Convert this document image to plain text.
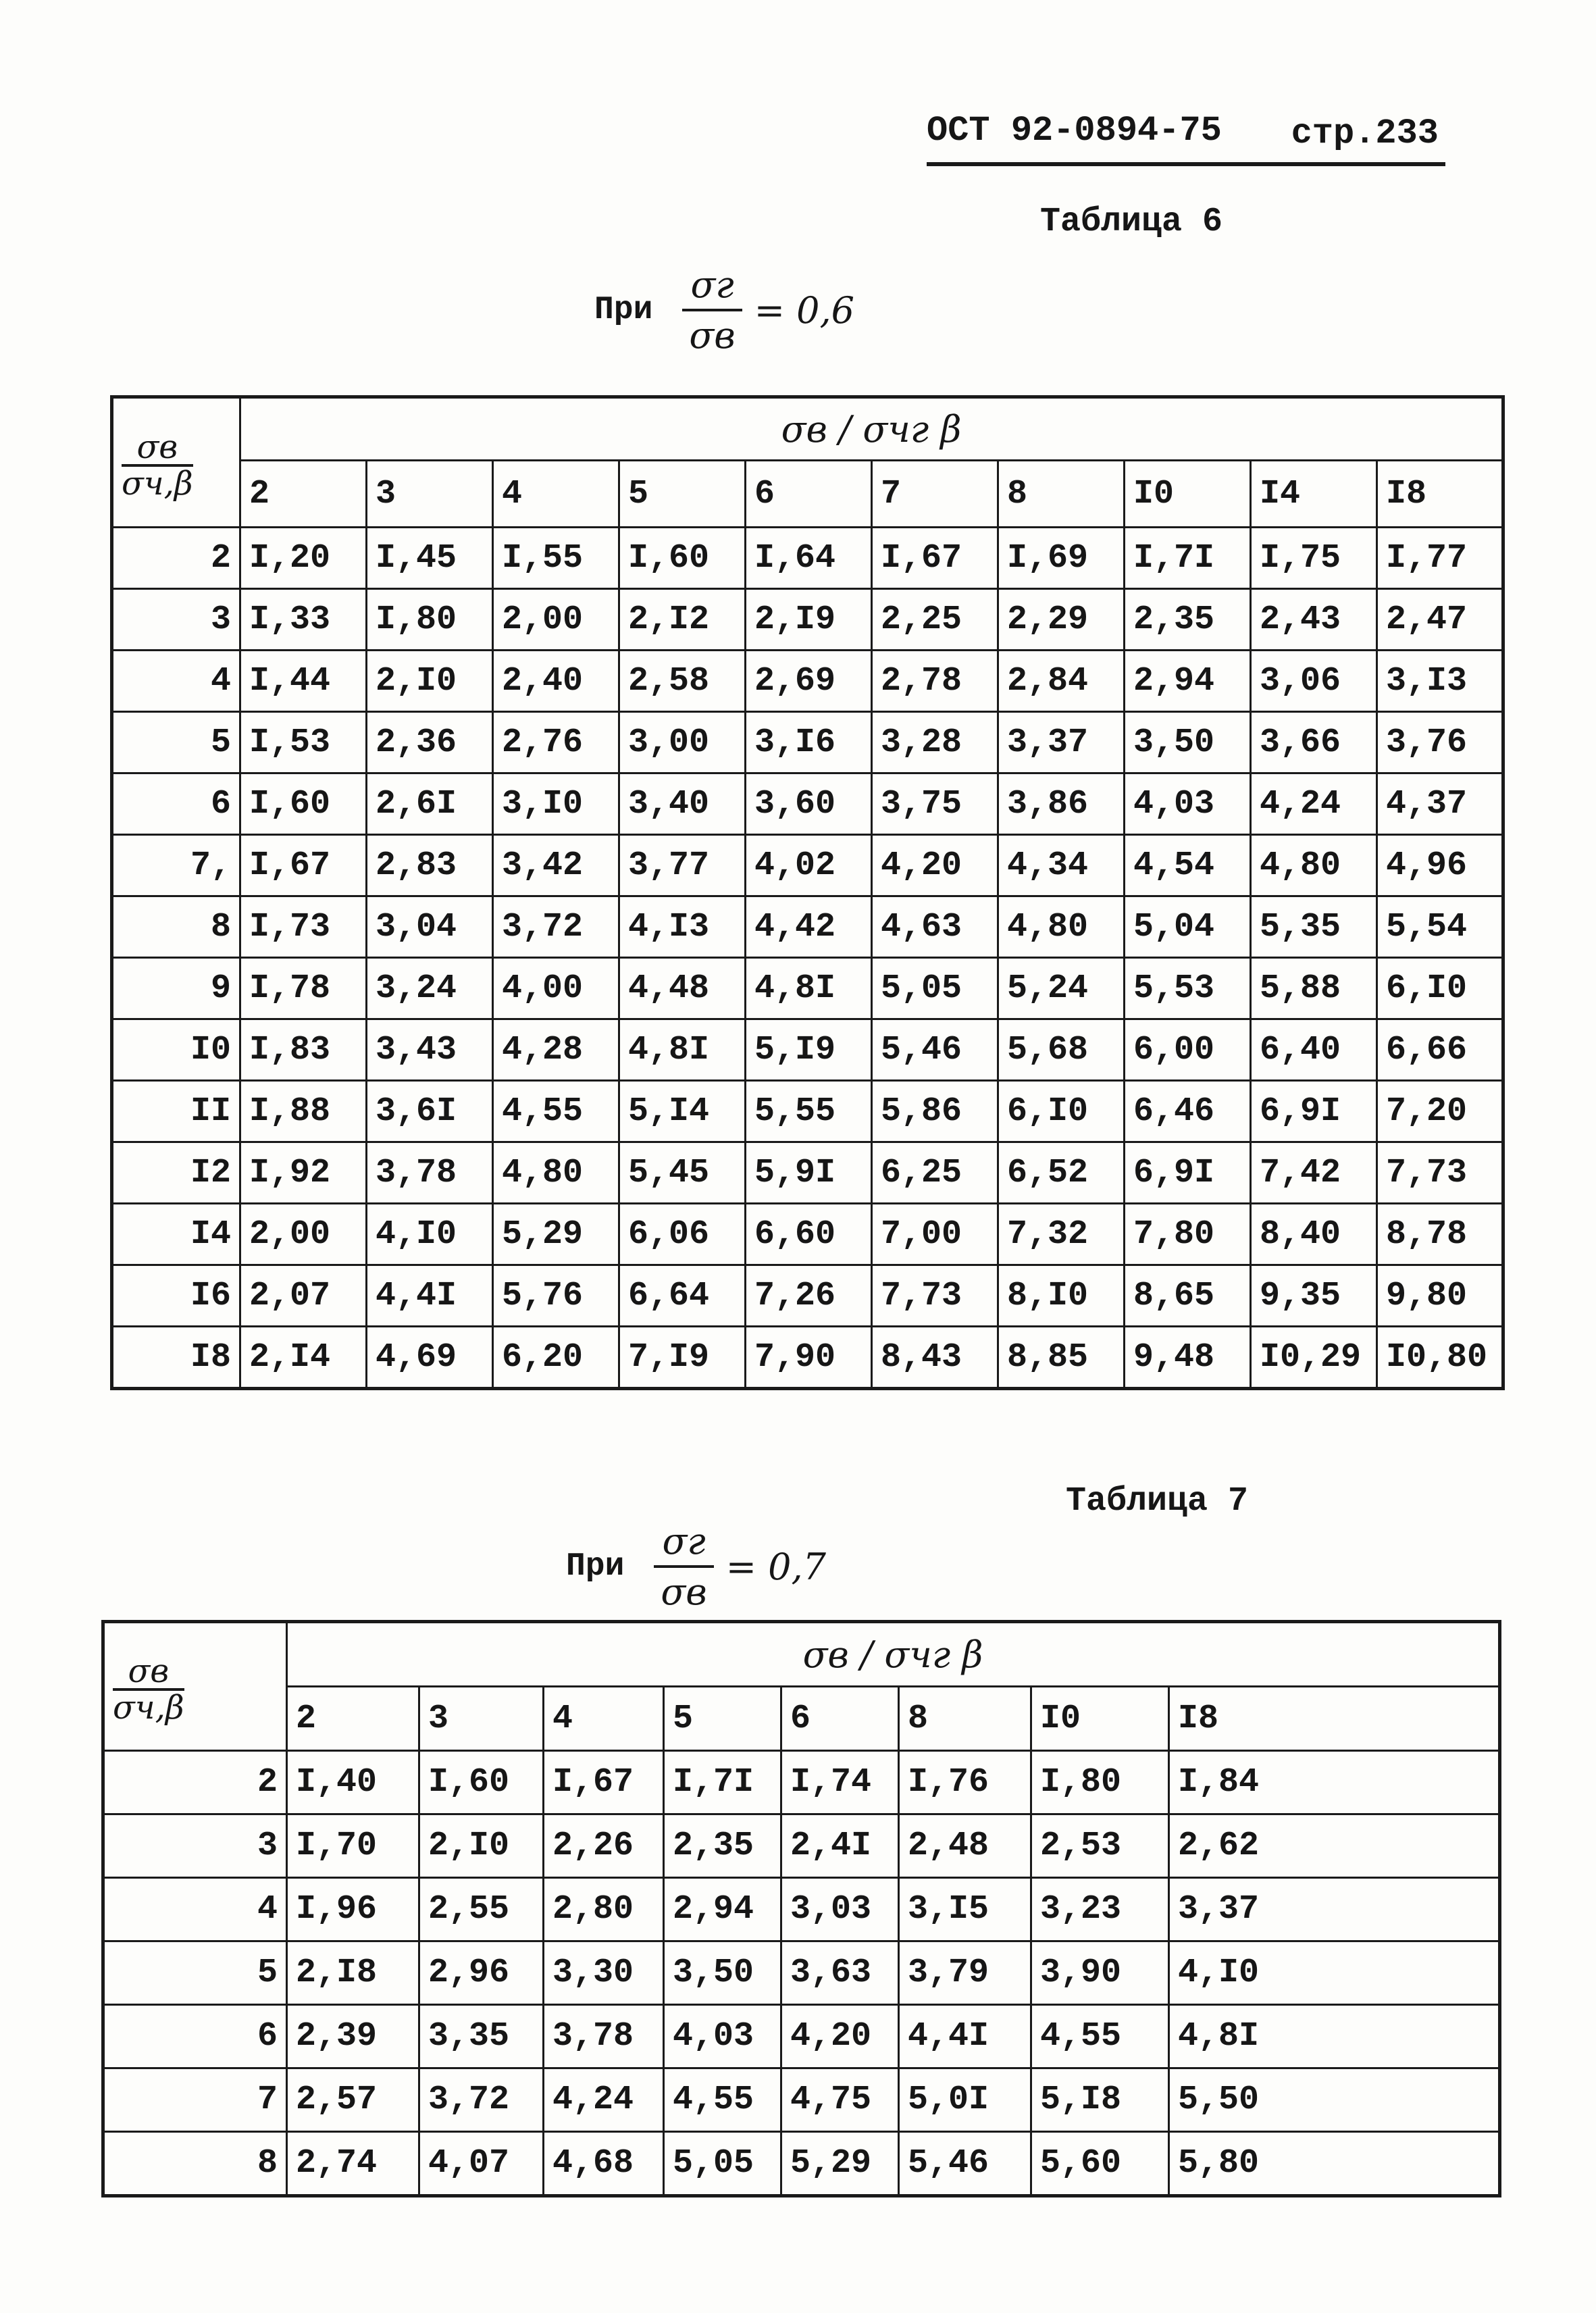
ОСТ 92-0894-75 стр.233
Таблица 6
При $\frac{\sigma г}{\sigma в} = 0,6$
$\frac{\sigma в}{\sigma ч,\beta}$	σв / σчг β									
	2	3	4	5	6	7	8	I0	I4	I8
2	I,20	I,45	I,55	I,60	I,64	I,67	I,69	I,7I	I,75	I,77
3	I,33	I,80	2,00	2,I2	2,I9	2,25	2,29	2,35	2,43	2,47
4	I,44	2,I0	2,40	2,58	2,69	2,78	2,84	2,94	3,06	3,I3
5	I,53	2,36	2,76	3,00	3,I6	3,28	3,37	3,50	3,66	3,76
6	I,60	2,6I	3,I0	3,40	3,60	3,75	3,86	4,03	4,24	4,37
7,	I,67	2,83	3,42	3,77	4,02	4,20	4,34	4,54	4,80	4,96
8	I,73	3,04	3,72	4,I3	4,42	4,63	4,80	5,04	5,35	5,54
9	I,78	3,24	4,00	4,48	4,8I	5,05	5,24	5,53	5,88	6,I0
I0	I,83	3,43	4,28	4,8I	5,I9	5,46	5,68	6,00	6,40	6,66
II	I,88	3,6I	4,55	5,I4	5,55	5,86	6,I0	6,46	6,9I	7,20
I2	I,92	3,78	4,80	5,45	5,9I	6,25	6,52	6,9I	7,42	7,73
I4	2,00	4,I0	5,29	6,06	6,60	7,00	7,32	7,80	8,40	8,78
I6	2,07	4,4I	5,76	6,64	7,26	7,73	8,I0	8,65	9,35	9,80
I8	2,I4	4,69	6,20	7,I9	7,90	8,43	8,85	9,48	I0,29	I0,80
Таблица 7
При $\frac{\sigma г}{\sigma в} = 0,7$
$\frac{\sigma в}{\sigma ч,\beta}$	σв / σчг β							
	2	3	4	5	6	8	I0	I8
2	I,40	I,60	I,67	I,7I	I,74	I,76	I,80	I,84
3	I,70	2,I0	2,26	2,35	2,4I	2,48	2,53	2,62
4	I,96	2,55	2,80	2,94	3,03	3,I5	3,23	3,37
5	2,I8	2,96	3,30	3,50	3,63	3,79	3,90	4,I0
6	2,39	3,35	3,78	4,03	4,20	4,4I	4,55	4,8I
7	2,57	3,72	4,24	4,55	4,75	5,0I	5,I8	5,50
8	2,74	4,07	4,68	5,05	5,29	5,46	5,60	5,80
